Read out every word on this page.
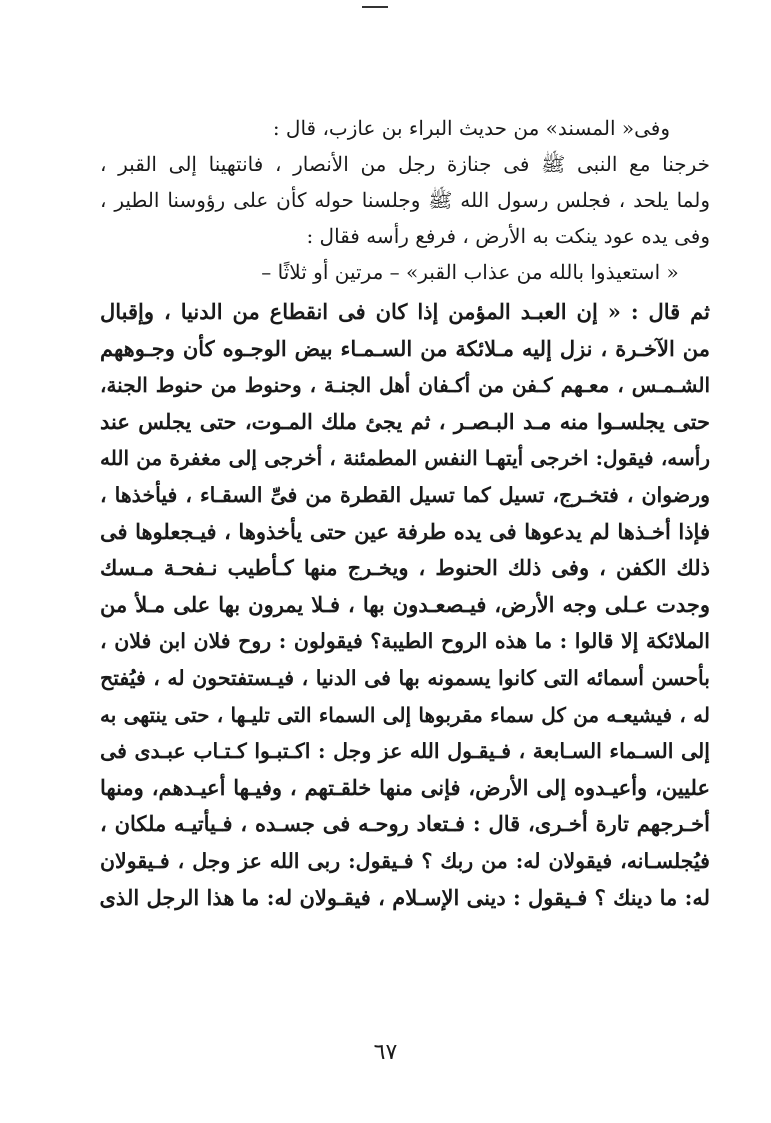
وفى« المسند» من حديث البراء بن عازب، قال :
خرجنا مع النبى ﷺ فى جنازة رجل من الأنصار ، فانتهينا إلى القبر ،
ولما يلحد ، فجلس رسول الله ﷺ وجلسنا حوله كأن على رؤوسنا الطير ،
وفى يده عود ينكت به الأرض ، فرفع رأسه فقال :
« استعيذوا بالله من عذاب القبر» – مرتين أو ثلاثًا –
ثم قال : « إن العبـد المؤمن إذا كان فى انقطاع من الدنيا ، وإقبال
من الآخـرة ، نزل إليه مـلائكة من السـمـاء بيض الوجـوه كأن وجـوههم
الشـمـس ، معـهم كـفن من أكـفان أهل الجنـة ، وحنوط من حنوط الجنة،
حتى يجلسـوا منه مـد البـصـر ، ثم يجئ ملك المـوت، حتى يجلس عند
رأسه، فيقول: اخرجى أيتهـا النفس المطمئنة ، أخرجى إلى مغفرة من الله
ورضوان ، فتخـرج، تسيل كما تسيل القطرة من فىِّ السقـاء ، فيأخذها ،
فإذا أخـذها لم يدعوها فى يده طرفة عين حتى يأخذوها ، فيـجعلوها فى
ذلك الكفن ، وفى ذلك الحنوط ، ويخـرج منها كـأطيب نـفحـة مـسك
وجدت عـلى وجه الأرض، فيـصعـدون بها ، فـلا يمرون بها على مـلأ من
الملائكة إلا قالوا : ما هذه الروح الطيبة؟ فيقولون : روح فلان ابن فلان ،
بأحسن أسمائه التى كانوا يسمونه بها فى الدنيا ، فيـستفتحون له ، فيُفتح
له ، فيشيعـه من كل سماء مقربوها إلى السماء التى تليـها ، حتى ينتهى به
إلى السـماء السـابعة ، فـيقـول الله عز وجل : اكـتبـوا كـتـاب عبـدى فى
عليين، وأعيـدوه إلى الأرض، فإنى منها خلقـتهم ، وفيـها أعيـدهم، ومنها
أخـرجهم تارة أخـرى، قال : فـتعاد روحـه فى جسـده ، فـيأتيـه ملكان ،
فيُجلسـانه، فيقولان له: من ربك ؟ فـيقول: ربى الله عز وجل ، فـيقولان
له: ما دينك ؟ فـيقول : دينى الإسـلام ، فيقـولان له: ما هذا الرجل الذى
٦٧
